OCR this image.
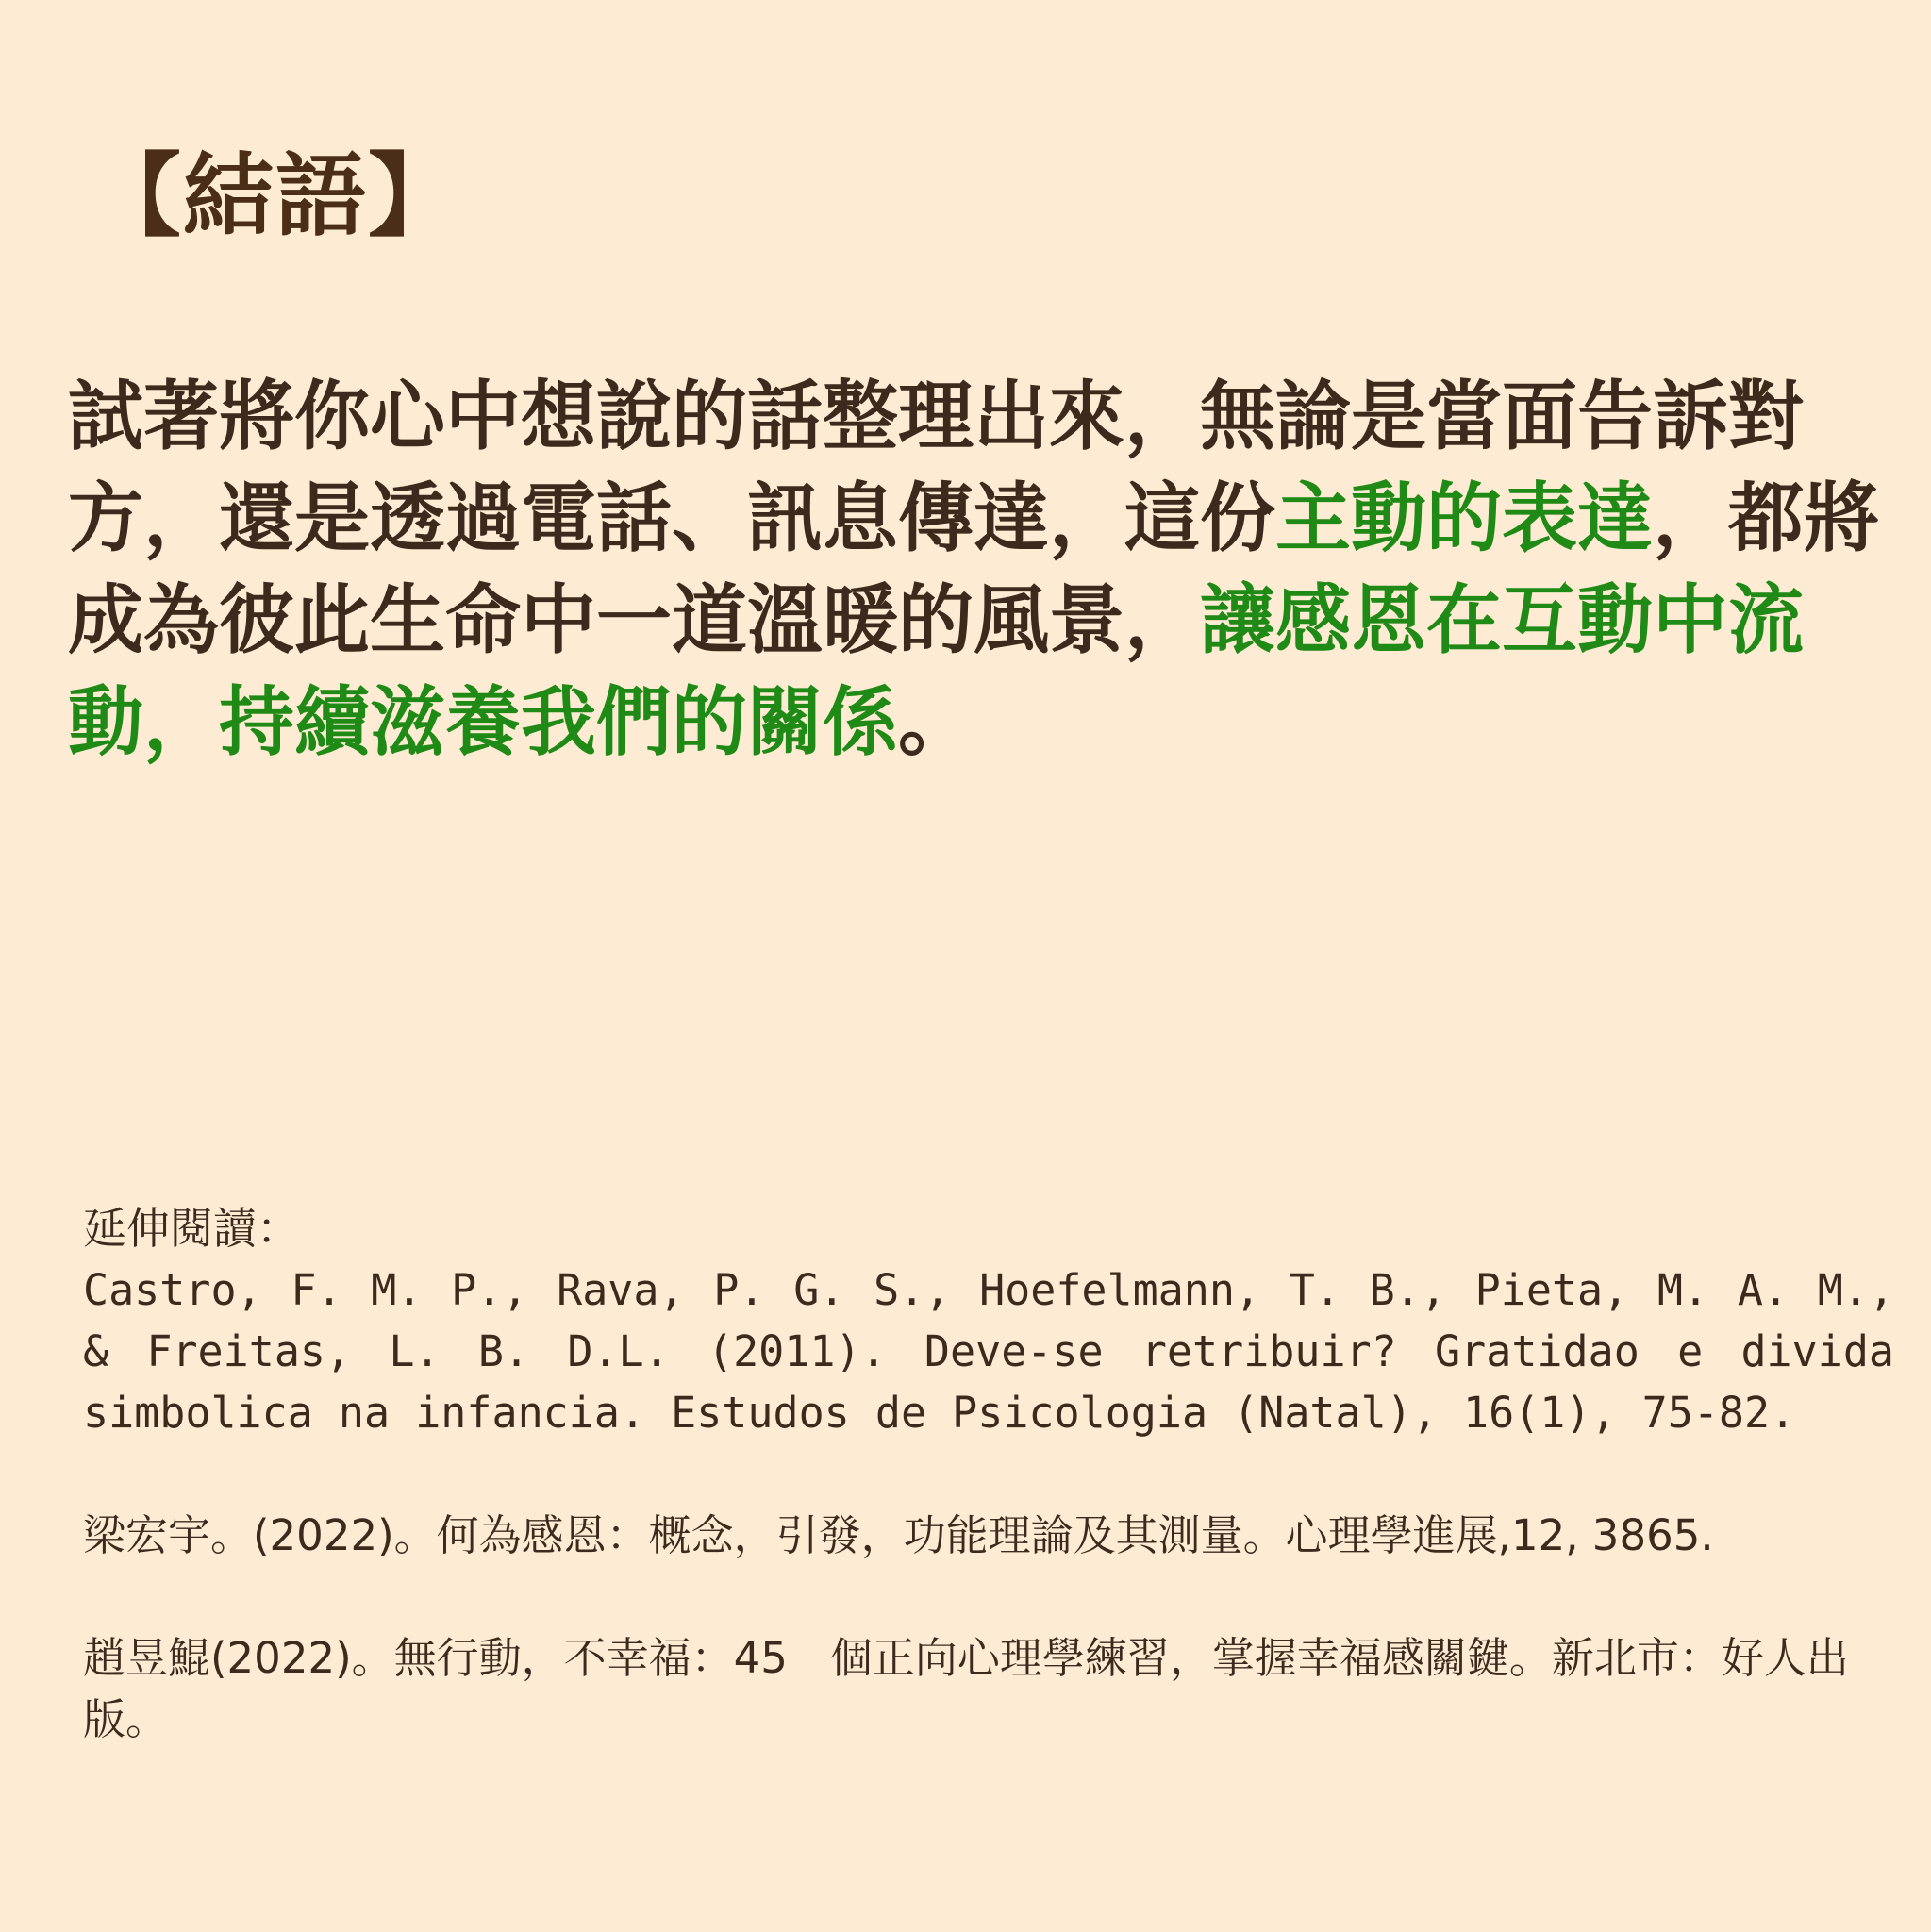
【結語】
試著將你心中想說的話整理出來，無論是當面告訴對方，還是透過電話、訊息傳達，這份主動的表達，都將成為彼此生命中一道溫暖的風景，讓感恩在互動中流動，持續滋養我們的關係。
延伸閱讀：

Castro, F. M. P., Rava, P. G. S., Hoefelmann, T. B., Pieta, M. A. M., & Freitas, L. B. D.L. (2011). Deve-se retribuir? Gratidao e divida simbolica na infancia. Estudos de Psicologia (Natal), 16(1), 75-82.

梁宏宇。(2022)。何為感恩：概念，引發，功能理論及其測量。心理學進展,12, 3865.

趙昱鯤(2022)。無行動，不幸福：45　個正向心理學練習，掌握幸福感關鍵。新北市：好人出版。
